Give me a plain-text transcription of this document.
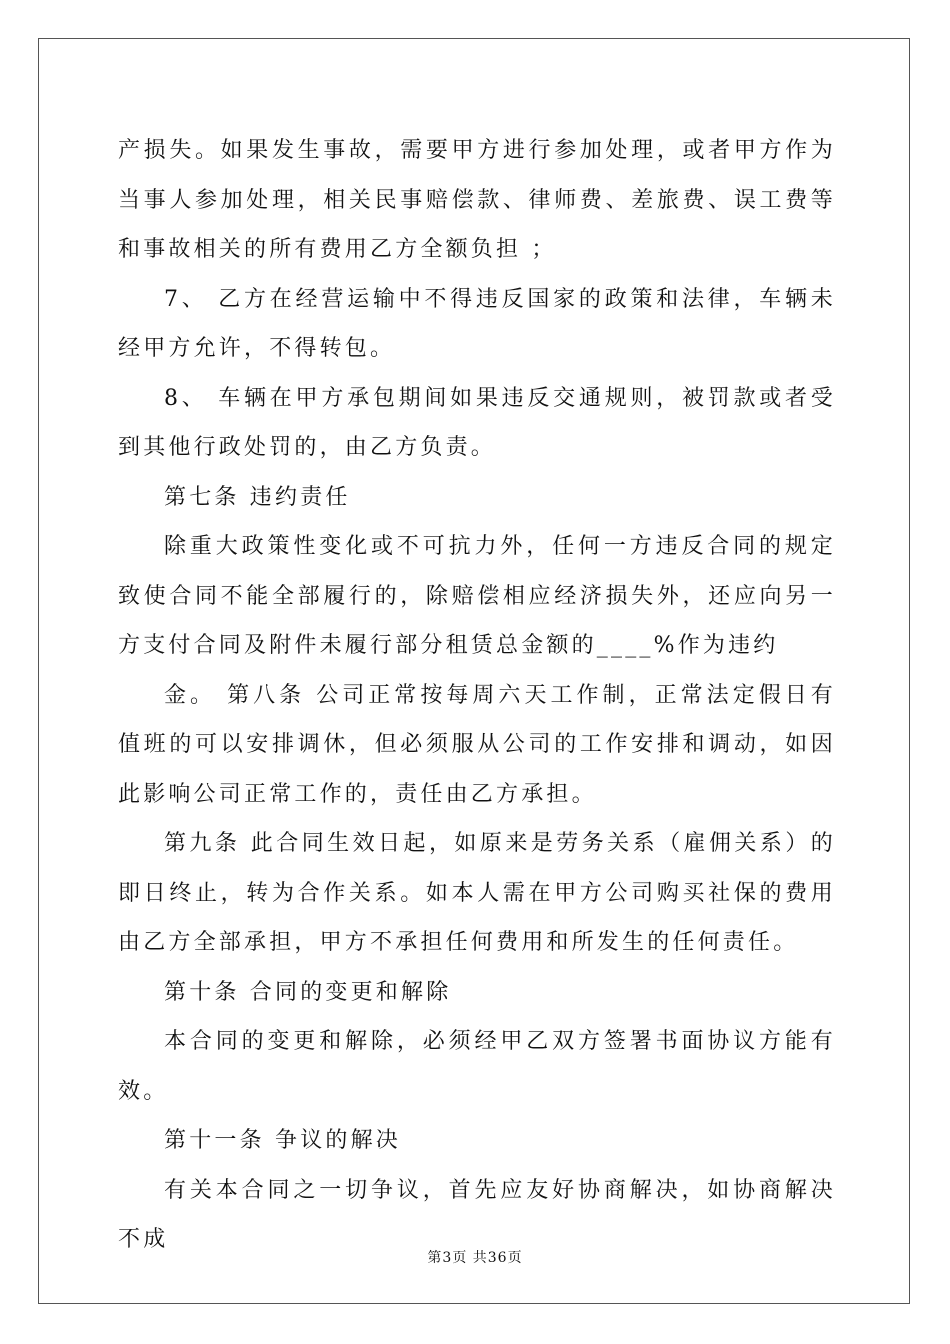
产损失。如果发生事故，需要甲方进行参加处理，或者甲方作为当事人参加处理，相关民事赔偿款、律师费、差旅费、误工费等和事故相关的所有费用乙方全额负担 ；

7、 乙方在经营运输中不得违反国家的政策和法律，车辆未经甲方允许，不得转包。

8、 车辆在甲方承包期间如果违反交通规则，被罚款或者受到其他行政处罚的，由乙方负责。

第七条 违约责任

除重大政策性变化或不可抗力外，任何一方违反合同的规定致使合同不能全部履行的，除赔偿相应经济损失外，还应向另一方支付合同及附件未履行部分租赁总金额的____%作为违约

金。 第八条 公司正常按每周六天工作制，正常法定假日有值班的可以安排调休，但必须服从公司的工作安排和调动，如因此影响公司正常工作的，责任由乙方承担。

第九条 此合同生效日起，如原来是劳务关系（雇佣关系）的即日终止，转为合作关系。如本人需在甲方公司购买社保的费用由乙方全部承担，甲方不承担任何费用和所发生的任何责任。

第十条 合同的变更和解除

本合同的变更和解除，必须经甲乙双方签署书面协议方能有效。

第十一条 争议的解决

有关本合同之一切争议，首先应友好协商解决，如协商解决不成

第3页 共36页
